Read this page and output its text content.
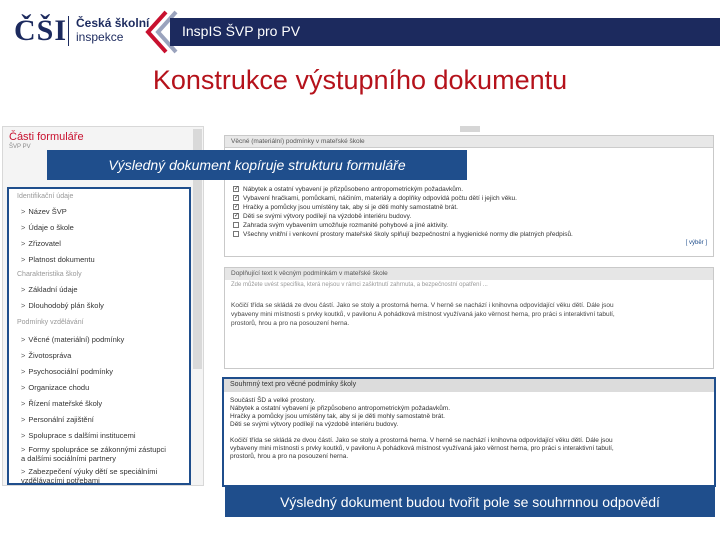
ČŠI Česká školní
inspekce	InspIS ŠVP pro PV
Konstrukce výstupního dokumentu
Části formuláře
ŠVP PV
Identifikační údaje
> Název ŠVP
> Údaje o škole
> Zřizovatel
> Platnost dokumentu
Charakteristika školy
> Základní údaje
> Dlouhodobý plán školy
Podmínky vzdělávání
> Věcné (materiální) podmínky
> Životospráva
> Psychosociální podmínky
> Organizace chodu
> Řízení mateřské školy
> Personální zajištění
> Spoluprace s dalšími institucemi
> Formy spolupráce se zákonnými zástupci a dalšími sociálními partnery
> Zabezpečení výuky dětí se speciálními vzdělávacími potřebami
Věcné (materiální) podmínky v mateřské škole
✓ Nábytek a ostatní vybavení je přizpůsobeno antropometrickým požadavkům.
✓ Vybavení hračkami, pomůckami, náčiním, materiály a doplňky odpovídá počtu dětí i jejich věku.
✓ Hračky a pomůcky jsou umístěny tak, aby si je děti mohly samostatně brát.
✓ Děti se svými výtvory podílejí na výzdobě interiéru budovy.
Zahrada svým vybavením umožňuje rozmanité pohybové a jiné aktivity.
Všechny vnitřní i venkovní prostory mateřské školy splňují bezpečnostní a hygienické normy dle platných předpisů.
[ výběr ]
Doplňující text k věcným podmínkám v mateřské škole
Zde můžete uvést specifika, která nejsou v rámci zaškrtnutí zahrnuta, a bezpečnostní opatření ...
Kočičí třída se skládá ze dvou částí. Jako se stoly a prostorná herna. V herně se nachází i knihovna odpovídající věku dětí. Dále jsou
vybaveny mini místnosti s prvky koutků, v pavilonu A pohádková místnost využívaná jako věrnost herna, pro práci s interaktivní tabulí,
prostorů, hrou a pro na posouzení herna.
Souhrnný text pro věcné podmínky školy
Součástí ŠD a velké prostory.
Nábytek a ostatní vybavení je přizpůsobeno antropometrickým požadavkům.
Hračky a pomůcky jsou umístěny tak, aby si je děti mohly samostatně brát.
Děti se svými výtvory podílejí na výzdobě interiéru budovy.
Kočičí třída se skládá ze dvou částí. Jako se stoly a prostorná herna. V herně se nachází i knihovna odpovídající věku dětí. Dále jsou
vybaveny mini místnosti s prvky koutků, v pavilonu A pohádková místnost využívaná jako věrnost herna, pro práci s interaktivní tabulí,
prostorů, hrou a pro na posouzení herna.
Výsledný dokument kopíruje strukturu formuláře
Výsledný dokument budou tvořit pole se souhrnnou odpovědí
